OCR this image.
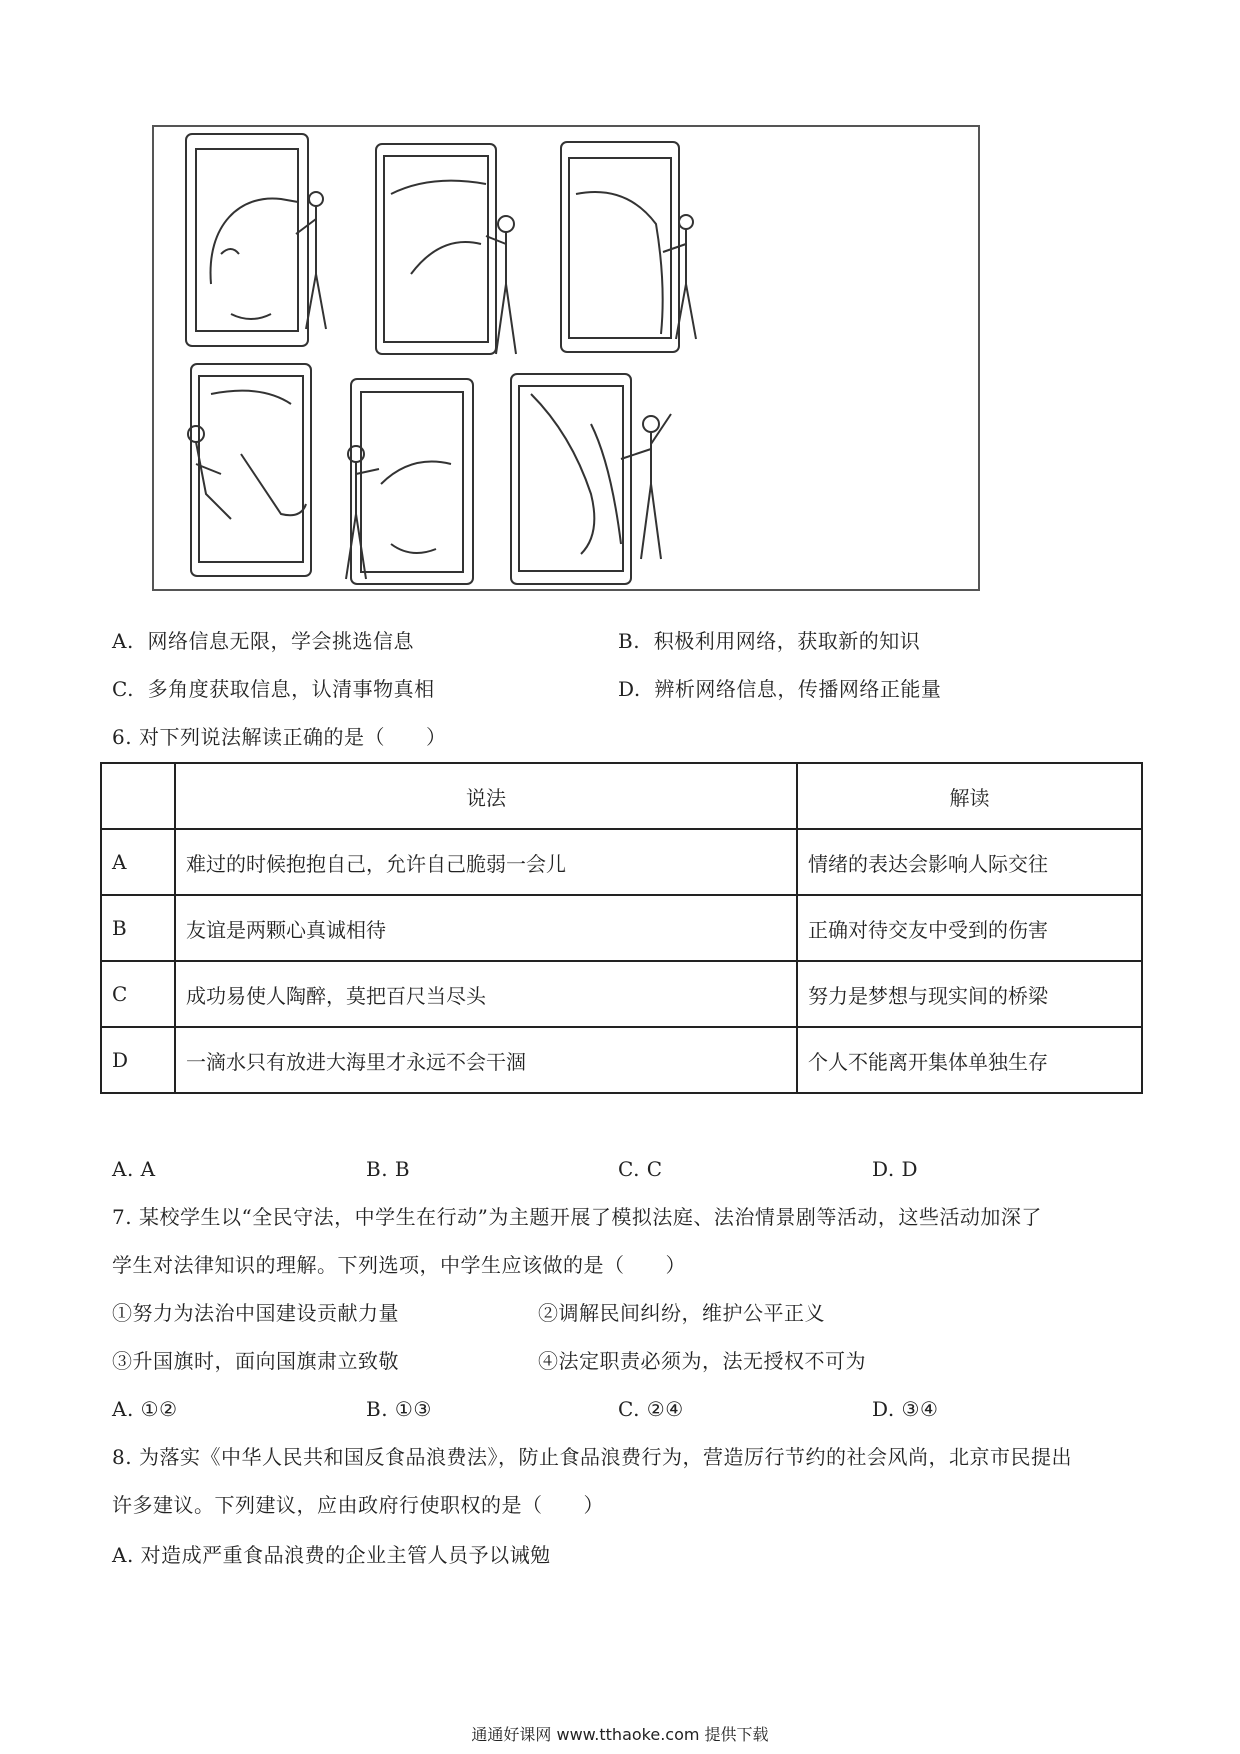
A. 网络信息无限，学会挑选信息	B. 积极利用网络，获取新的知识
C. 多角度获取信息，认清事物真相	D. 辨析网络信息，传播网络正能量
6. 对下列说法解读正确的是（　　）
	说法	解读
A	难过的时候抱抱自己，允许自己脆弱一会儿	情绪的表达会影响人际交往
B	友谊是两颗心真诚相待	正确对待交友中受到的伤害
C	成功易使人陶醉，莫把百尺当尽头	努力是梦想与现实间的桥梁
D	一滴水只有放进大海里才永远不会干涸	个人不能离开集体单独生存
A. A	B. B	C. C	D. D
7. 某校学生以“全民守法，中学生在行动”为主题开展了模拟法庭、法治情景剧等活动，这些活动加深了
学生对法律知识的理解。下列选项，中学生应该做的是（　　）
①努力为法治中国建设贡献力量	②调解民间纠纷，维护公平正义
③升国旗时，面向国旗肃立致敬	④法定职责必须为，法无授权不可为
A. ①②	B. ①③	C. ②④	D. ③④
8. 为落实《中华人民共和国反食品浪费法》，防止食品浪费行为，营造厉行节约的社会风尚，北京市民提出
许多建议。下列建议，应由政府行使职权的是（　　）
A. 对造成严重食品浪费的企业主管人员予以诫勉
通通好课网 www.tthaoke.com 提供下载
